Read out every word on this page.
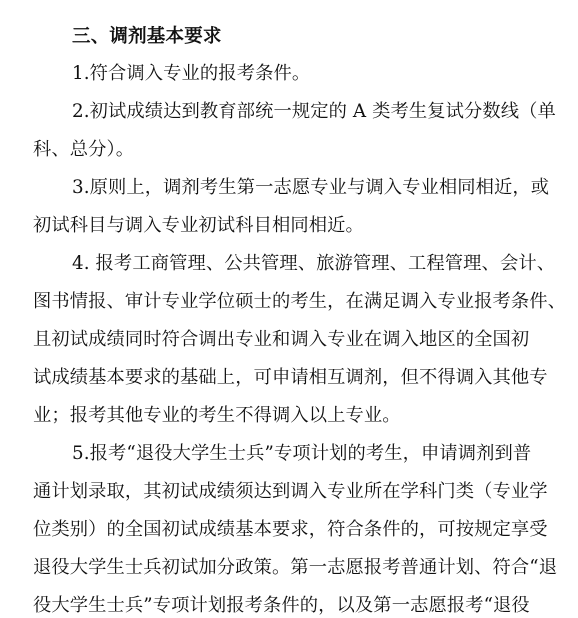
三、调剂基本要求
1.符合调入专业的报考条件。
2.初试成绩达到教育部统一规定的 A 类考生复试分数线（单
科、总分）。
3.原则上，调剂考生第一志愿专业与调入专业相同相近，或
初试科目与调入专业初试科目相同相近。
4. 报考工商管理、公共管理、旅游管理、工程管理、会计、
图书情报、审计专业学位硕士的考生，在满足调入专业报考条件、
且初试成绩同时符合调出专业和调入专业在调入地区的全国初
试成绩基本要求的基础上，可申请相互调剂，但不得调入其他专
业；报考其他专业的考生不得调入以上专业。
5.报考“退役大学生士兵”专项计划的考生，申请调剂到普
通计划录取，其初试成绩须达到调入专业所在学科门类（专业学
位类别）的全国初试成绩基本要求，符合条件的，可按规定享受
退役大学生士兵初试加分政策。第一志愿报考普通计划、符合“退
役大学生士兵”专项计划报考条件的，以及第一志愿报考“退役
